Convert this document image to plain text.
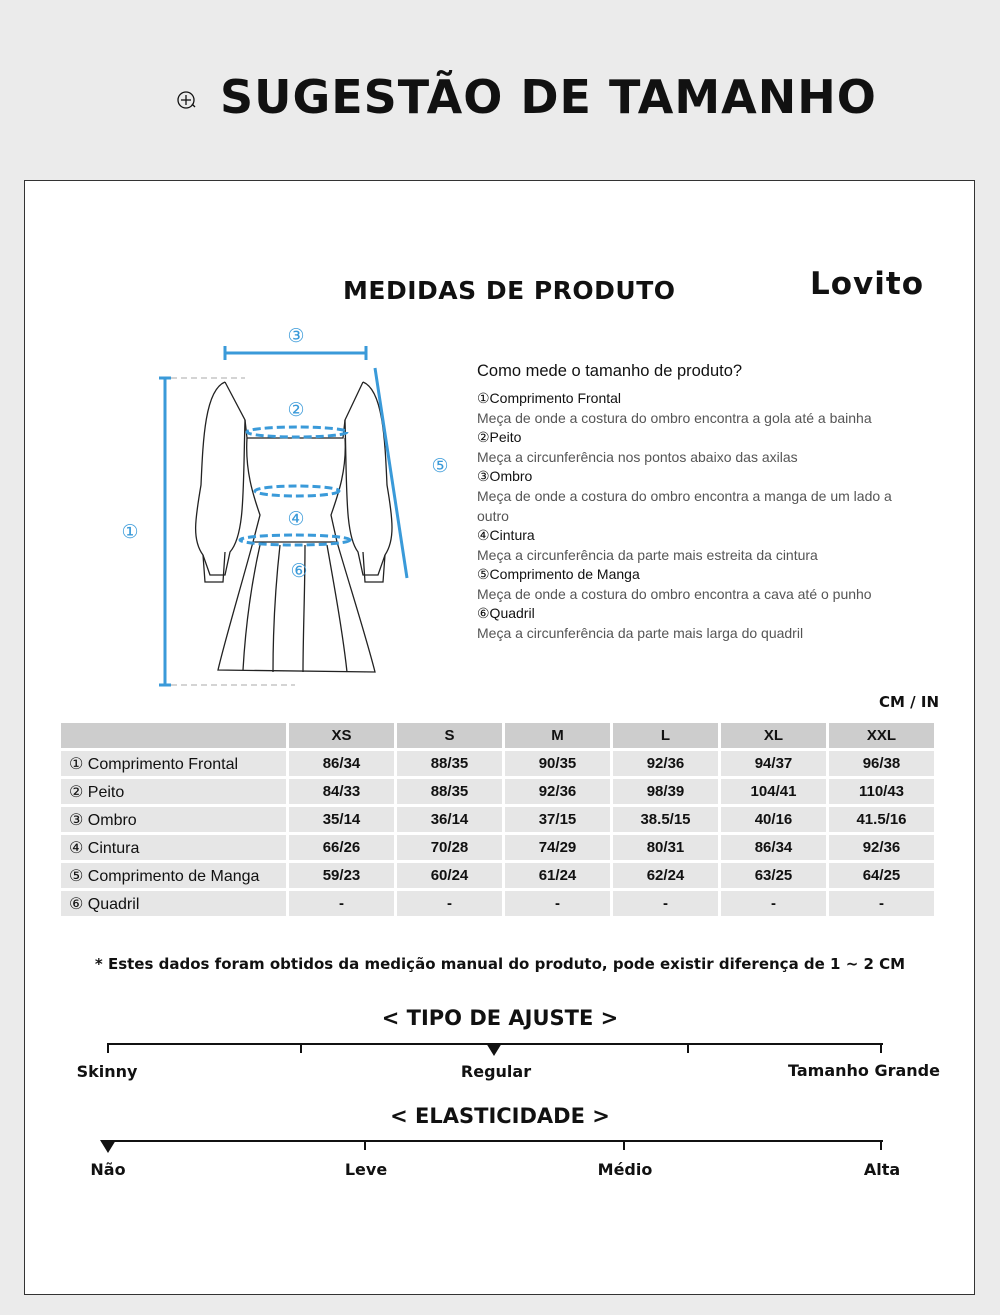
SUGESTÃO DE TAMANHO
MEDIDAS DE PRODUTO	Lovito
③
②
⑤
①
④
⑥
Como mede o tamanho de produto?
①Comprimento Frontal
Meça de onde a costura do ombro encontra a gola até a bainha
②Peito
Meça a circunferência nos pontos abaixo das axilas
③Ombro
Meça de onde a costura do ombro encontra a manga de um lado a outro
④Cintura
Meça a circunferência da parte mais estreita da cintura
⑤Comprimento de Manga
Meça de onde a costura do ombro encontra a cava até o punho
⑥Quadril
Meça a circunferência da parte mais larga do quadril
CM / IN
	XS	S	M	L	XL	XXL
① Comprimento Frontal	86/34	88/35	90/35	92/36	94/37	96/38
② Peito	84/33	88/35	92/36	98/39	104/41	110/43
③ Ombro	35/14	36/14	37/15	38.5/15	40/16	41.5/16
④ Cintura	66/26	70/28	74/29	80/31	86/34	92/36
⑤ Comprimento de Manga	59/23	60/24	61/24	62/24	63/25	64/25
⑥ Quadril	-	-	-	-	-	-
* Estes dados foram obtidos da medição manual do produto, pode existir diferença de 1 ~ 2 CM
< TIPO DE AJUSTE >
Skinny	Regular	Tamanho Grande
< ELASTICIDADE >
Não	Leve	Médio	Alta
